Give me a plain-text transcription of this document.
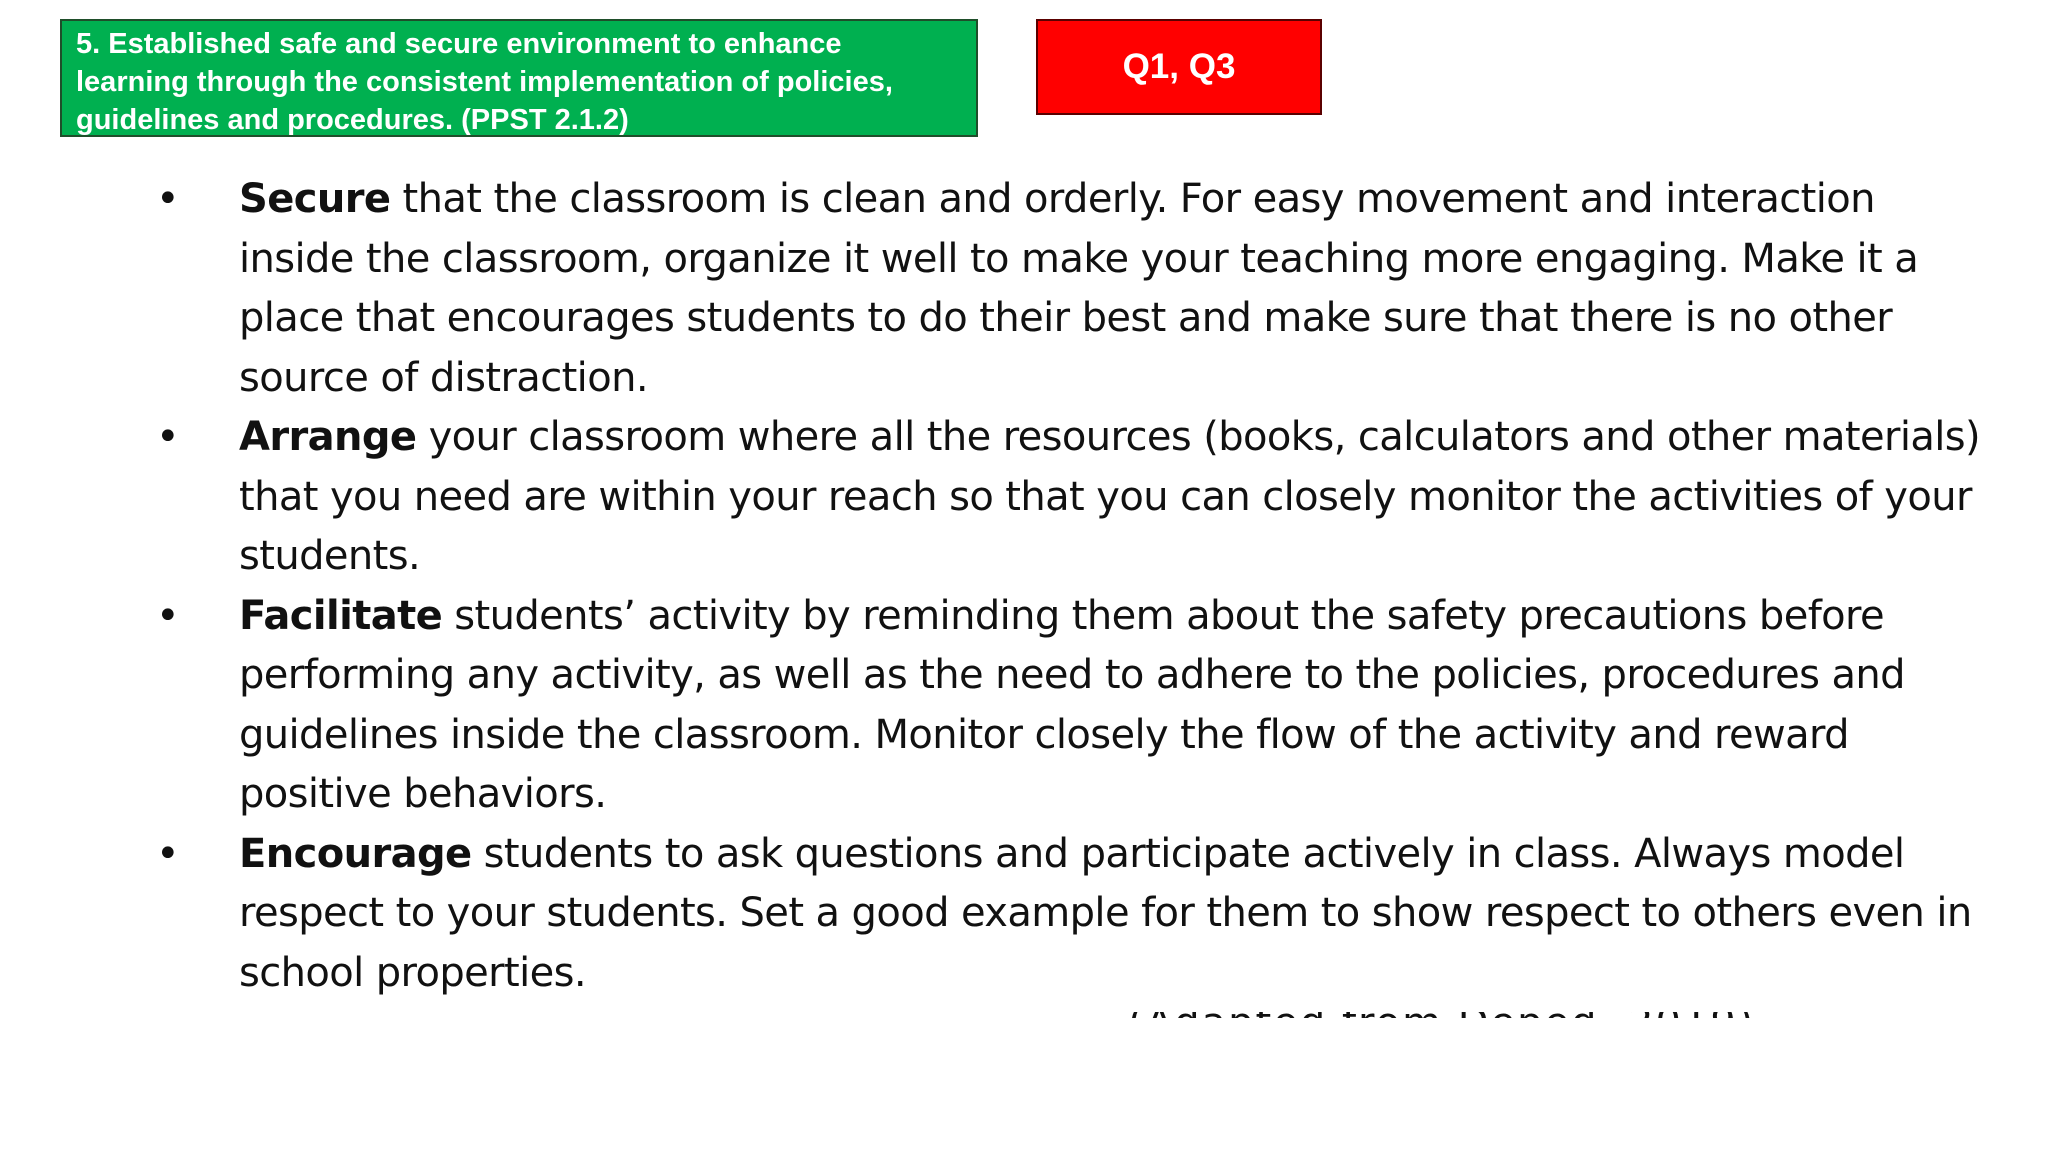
5. Established safe and secure environment to enhance learning through the consistent implementation of policies, guidelines and procedures. (PPST 2.1.2)
Q1, Q3
• Secure that the classroom is clean and orderly. For easy movement and interaction inside the classroom, organize it well to make your teaching more engaging. Make it a place that encourages students to do their best and make sure that there is no other source of distraction.
• Arrange your classroom where all the resources (books, calculators and other materials) that you need are within your reach so that you can closely monitor the activities of your students.
• Facilitate students’ activity by reminding them about the safety precautions before performing any activity, as well as the need to adhere to the policies, procedures and guidelines inside the classroom. Monitor closely the flow of the activity and reward positive behaviors.
• Encourage students to ask questions and participate actively in class. Always model respect to your students. Set a good example for them to show respect to others even in school properties.
